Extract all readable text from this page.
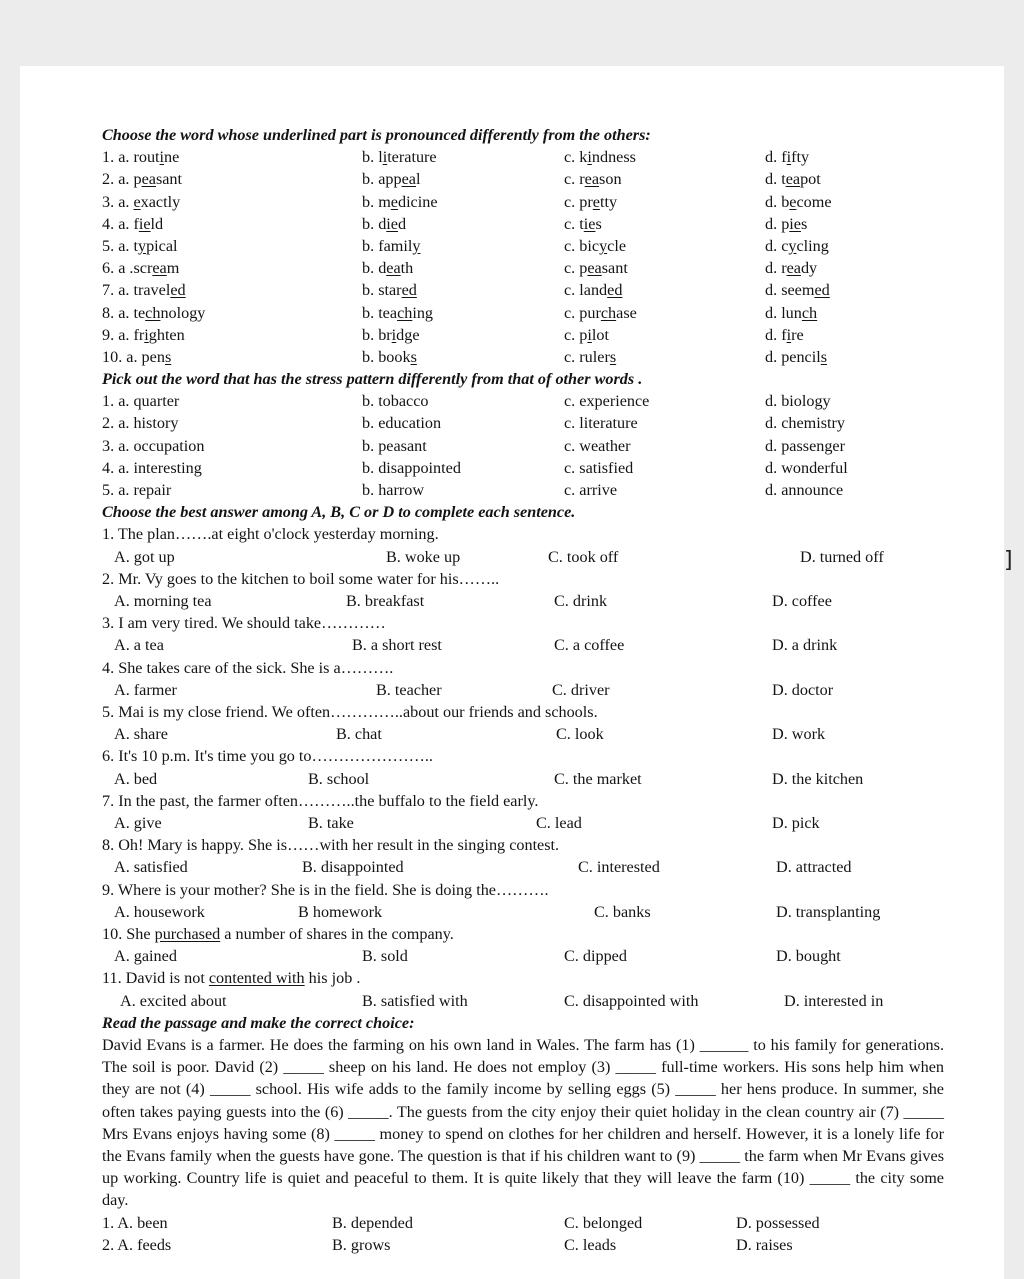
Choose the word whose underlined part is pronounced differently from the others:
1. a. routine	b. literature	c. kindness	d. fifty
2. a. peasant	b. appeal	c. reason	d. teapot
3. a. exactly	b. medicine	c. pretty	d. become
4. a. field	b. died	c. ties	d. pies
5. a. typical	b. family	c. bicycle	d. cycling
6. a .scream	b. death	c. peasant	d. ready
7. a. traveled	b. stared	c. landed	d. seemed
8. a. technology	b. teaching	c. purchase	d. lunch
9. a. frighten	b. bridge	c. pilot	d. fire
10. a. pens	b. books	c. rulers	d. pencils
Pick out the word that has the stress pattern differently from that of other words .
1. a. quarter	b. tobacco	c. experience	d. biology
2. a. history	b. education	c. literature	d. chemistry
3. a. occupation	b. peasant	c. weather	d. passenger
4. a. interesting	b. disappointed	c. satisfied	d. wonderful
5. a. repair	b. harrow	c. arrive	d. announce
Choose the best answer among A, B, C or D to complete each sentence.
1. The plan…….at eight o'clock yesterday morning.
A. got up	B. woke up	C. took off	D. turned off
2. Mr. Vy goes to the kitchen to boil some water for his……..
A. morning tea	B. breakfast	C. drink	D. coffee
3. I am very tired. We should take…………
A. a tea	B. a short rest	C. a coffee	D. a drink
4. She takes care of the sick. She is a……….
A. farmer	B. teacher	C. driver	D. doctor
5. Mai is my close friend. We often…………..about our friends and schools.
A. share	B. chat	C. look	D. work
6. It's 10 p.m. It's time you go to…………………..
A. bed	B. school	C. the market	D. the kitchen
7. In the past, the farmer often………..the buffalo to the field early.
A. give	B. take	C. lead	D. pick
8. Oh! Mary is happy. She is……with her result in the singing contest.
A. satisfied	B. disappointed	C. interested	D. attracted
9. Where is your mother? She is in the field. She is doing the……….
A. housework	B homework	C. banks	D. transplanting
10. She purchased a number of shares in the company.
A. gained	B. sold	C. dipped	D. bought
11. David is not contented with his job .
A. excited about	B. satisfied with	C. disappointed with	D. interested in
Read the passage and make the correct choice:

David Evans is a farmer. He does the farming on his own land in Wales. The farm has (1) ______ to his family for generations. The soil is poor. David (2) _____ sheep on his land. He does not employ (3) _____ full-time workers. His sons help him when they are not (4) _____ school. His wife adds to the family income by selling eggs (5) _____ her hens produce. In summer, she often takes paying guests into the (6) _____. The guests from the city enjoy their quiet holiday in the clean country air (7) _____ Mrs Evans enjoys having some (8) _____ money to spend on clothes for her children and herself. However, it is a lonely life for the Evans family when the guests have gone. The question is that if his children want to (9) _____ the farm when Mr Evans gives up working. Country life is quiet and peaceful to them. It is quite likely that they will leave the farm (10) _____ the city some day.

1. A. been	B. depended	C. belonged	D. possessed
2. A. feeds	B. grows	C. leads	D. raises
]
